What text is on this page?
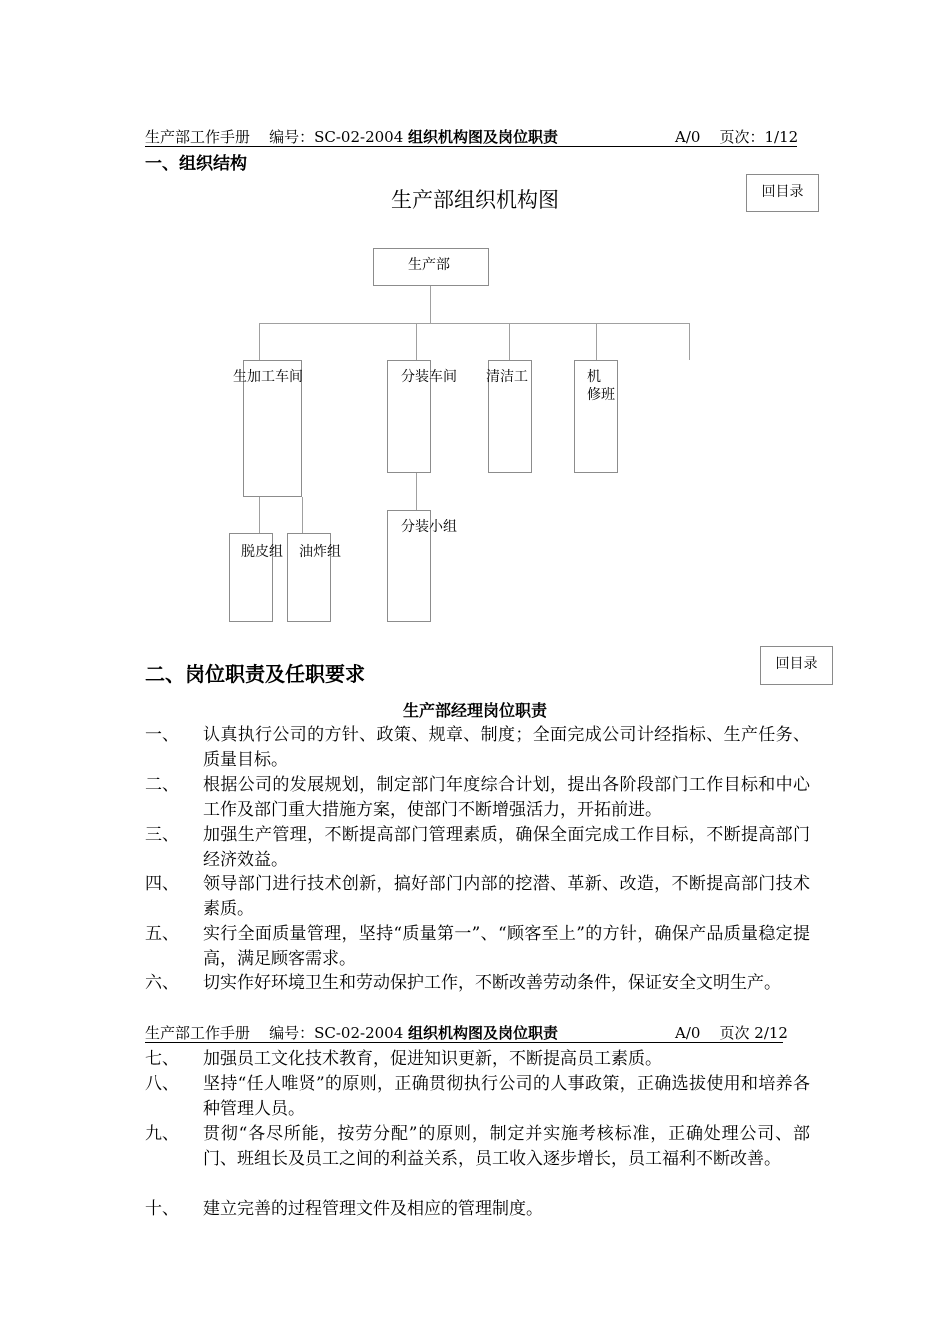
生产部工作手册 编号：SC-02-2004 组织机构图及岗位职责	A/0 页次：1/12
一、组织结构
回目录
生产部组织机构图
生产部
生加工车间	分装车间 清洁工	机
修班
分装小组
脱皮组 油炸组
二、岗位职责及任职要求	回目录
生产部经理岗位职责
一、 认真执行公司的方针、政策、规章、制度；全面完成公司计经指标、生产任务、质量目标。
二、 根据公司的发展规划，制定部门年度综合计划，提出各阶段部门工作目标和中心工作及部门重大措施方案，使部门不断增强活力，开拓前进。
三、 加强生产管理，不断提高部门管理素质，确保全面完成工作目标，不断提高部门经济效益。
四、 领导部门进行技术创新，搞好部门内部的挖潜、革新、改造，不断提高部门技术素质。
五、 实行全面质量管理，坚持“质量第一”、“顾客至上”的方针，确保产品质量稳定提高，满足顾客需求。
六、 切实作好环境卫生和劳动保护工作，不断改善劳动条件，保证安全文明生产。
生产部工作手册 编号：SC-02-2004 组织机构图及岗位职责	A/0 页次 2/12
七、 加强员工文化技术教育，促进知识更新，不断提高员工素质。
八、 坚持“任人唯贤”的原则，正确贯彻执行公司的人事政策，正确选拔使用和培养各种管理人员。
九、 贯彻“各尽所能，按劳分配”的原则，制定并实施考核标准，正确处理公司、部门、班组长及员工之间的利益关系，员工收入逐步增长，员工福利不断改善。
十、 建立完善的过程管理文件及相应的管理制度。
